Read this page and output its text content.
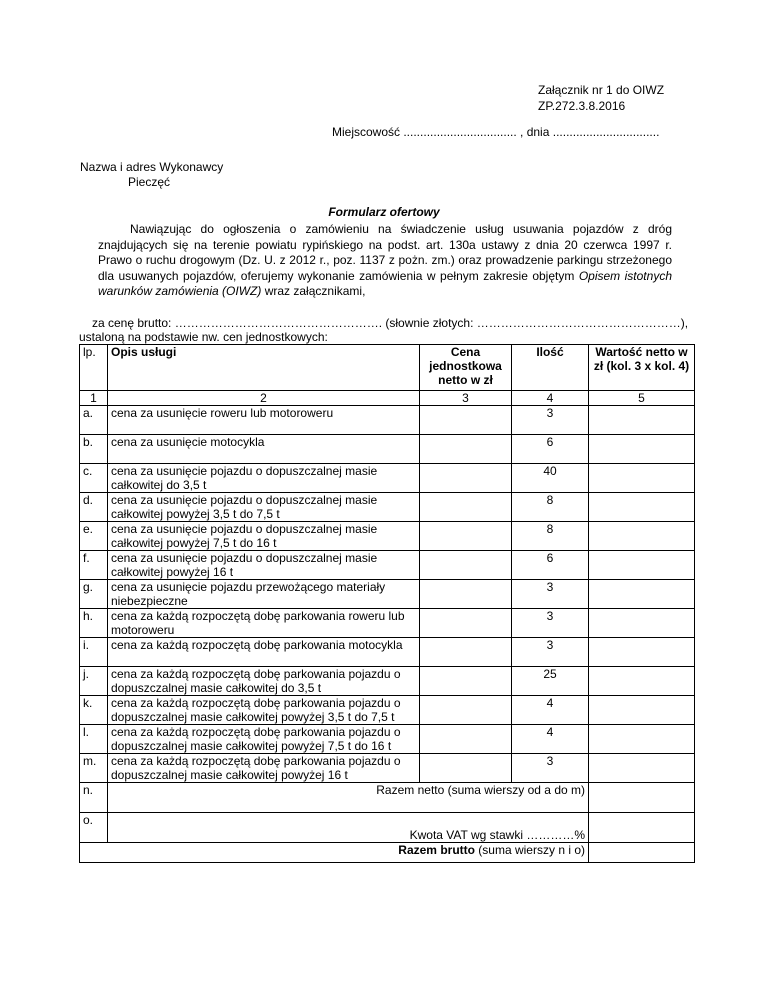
Załącznik nr 1 do OIWZ
ZP.272.3.8.2016
Miejscowość .................................. , dnia ................................
Nazwa i adres Wykonawcy
Pieczęć
Formularz ofertowy
Nawiązując do ogłoszenia o zamówieniu na świadczenie usług usuwania pojazdów z dróg znajdujących się na terenie powiatu rypińskiego na podst. art. 130a ustawy z dnia 20 czerwca 1997 r. Prawo o ruchu drogowym (Dz. U. z 2012 r., poz. 1137 z pożn. zm.) oraz prowadzenie parkingu strzeżonego dla usuwanych pojazdów, oferujemy wykonanie zamówienia w pełnym zakresie objętym Opisem istotnych warunków zamówienia (OIWZ) wraz załącznikami,
za cenę brutto: ……………………………………………. (słownie złotych: ……………………………………………),
ustaloną na podstawie nw. cen jednostkowych:
lp.	Opis usługi	Cena jednostkowa netto w zł	Ilość	Wartość netto w zł (kol. 3 x kol. 4)
1	2	3	4	5
a.	cena za usunięcie roweru lub motoroweru		3	
b.	cena za usunięcie motocykla		6	
c.	cena za usunięcie pojazdu o dopuszczalnej masie całkowitej do 3,5 t		40	
d.	cena za usunięcie pojazdu o dopuszczalnej masie całkowitej powyżej 3,5 t do 7,5 t		8	
e.	cena za usunięcie pojazdu o dopuszczalnej masie całkowitej powyżej 7,5 t do 16 t		8	
f.	cena za usunięcie pojazdu o dopuszczalnej masie całkowitej powyżej 16 t		6	
g.	cena za usunięcie pojazdu przewożącego materiały niebezpieczne		3	
h.	cena za każdą rozpoczętą dobę parkowania roweru lub motoroweru		3	
i.	cena za każdą rozpoczętą dobę parkowania motocykla		3	
j.	cena za każdą rozpoczętą dobę parkowania pojazdu o dopuszczalnej masie całkowitej do 3,5 t		25	
k.	cena za każdą rozpoczętą dobę parkowania pojazdu o dopuszczalnej masie całkowitej powyżej 3,5 t do 7,5 t		4	
l.	cena za każdą rozpoczętą dobę parkowania pojazdu o dopuszczalnej masie całkowitej powyżej 7,5 t do 16 t		4	
m.	cena za każdą rozpoczętą dobę parkowania pojazdu o dopuszczalnej masie całkowitej powyżej 16 t		3	
n.	Razem netto (suma wierszy od a do m)			
o.	Kwota VAT wg stawki …………%			
Razem brutto (suma wierszy n i o)				
